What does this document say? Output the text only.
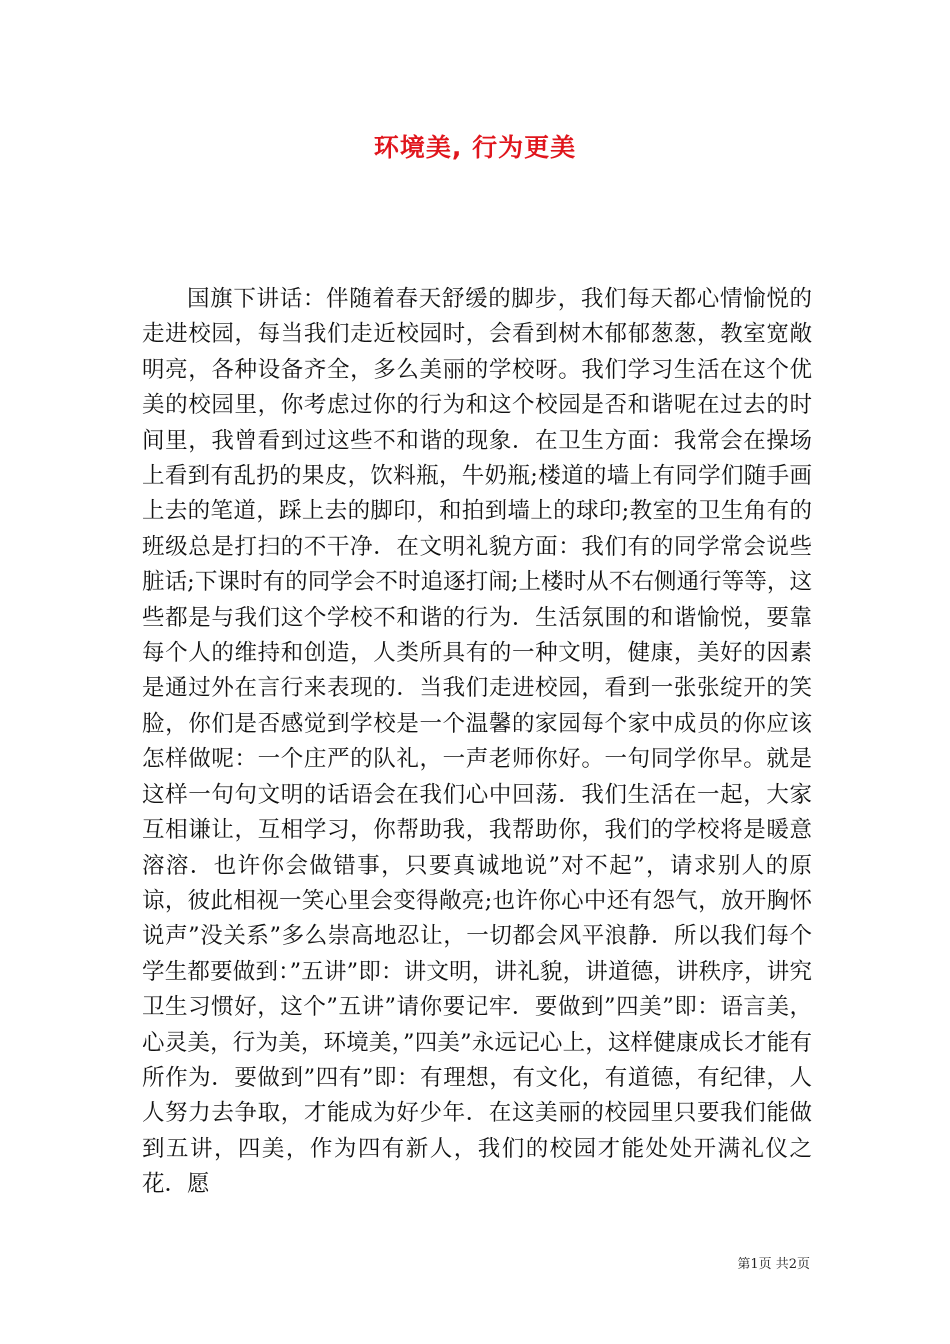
环境美, 行为更美

国旗下讲话：伴随着春天舒缓的脚步，我们每天都心情愉悦的走进校园，每当我们走近校园时，会看到树木郁郁葱葱，教室宽敞明亮，各种设备齐全，多么美丽的学校呀。我们学习生活在这个优美的校园里，你考虑过你的行为和这个校园是否和谐呢在过去的时间里，我曾看到过这些不和谐的现象．在卫生方面：我常会在操场上看到有乱扔的果皮，饮料瓶，牛奶瓶;楼道的墙上有同学们随手画上去的笔道，踩上去的脚印，和拍到墙上的球印;教室的卫生角有的班级总是打扫的不干净．在文明礼貌方面：我们有的同学常会说些脏话;下课时有的同学会不时追逐打闹;上楼时从不右侧通行等等，这些都是与我们这个学校不和谐的行为．生活氛围的和谐愉悦，要靠每个人的维持和创造，人类所具有的一种文明，健康，美好的因素是通过外在言行来表现的．当我们走进校园，看到一张张绽开的笑脸，你们是否感觉到学校是一个温馨的家园每个家中成员的你应该怎样做呢：一个庄严的队礼，一声老师你好。一句同学你早。就是这样一句句文明的话语会在我们心中回荡．我们生活在一起，大家互相谦让，互相学习，你帮助我，我帮助你，我们的学校将是暖意溶溶．也许你会做错事，只要真诚地说”对不起”，请求别人的原谅，彼此相视一笑心里会变得敞亮;也许你心中还有怨气，放开胸怀说声”没关系”多么崇高地忍让，一切都会风平浪静．所以我们每个学生都要做到：”五讲”即：讲文明，讲礼貌，讲道德，讲秩序，讲究卫生习惯好，这个”五讲”请你要记牢．要做到”四美”即：语言美，心灵美，行为美，环境美，”四美”永远记心上，这样健康成长才能有所作为．要做到”四有”即：有理想，有文化，有道德，有纪律，人人努力去争取，才能成为好少年．在这美丽的校园里只要我们能做到五讲，四美，作为四有新人，我们的校园才能处处开满礼仪之花．愿

第1页 共2页
